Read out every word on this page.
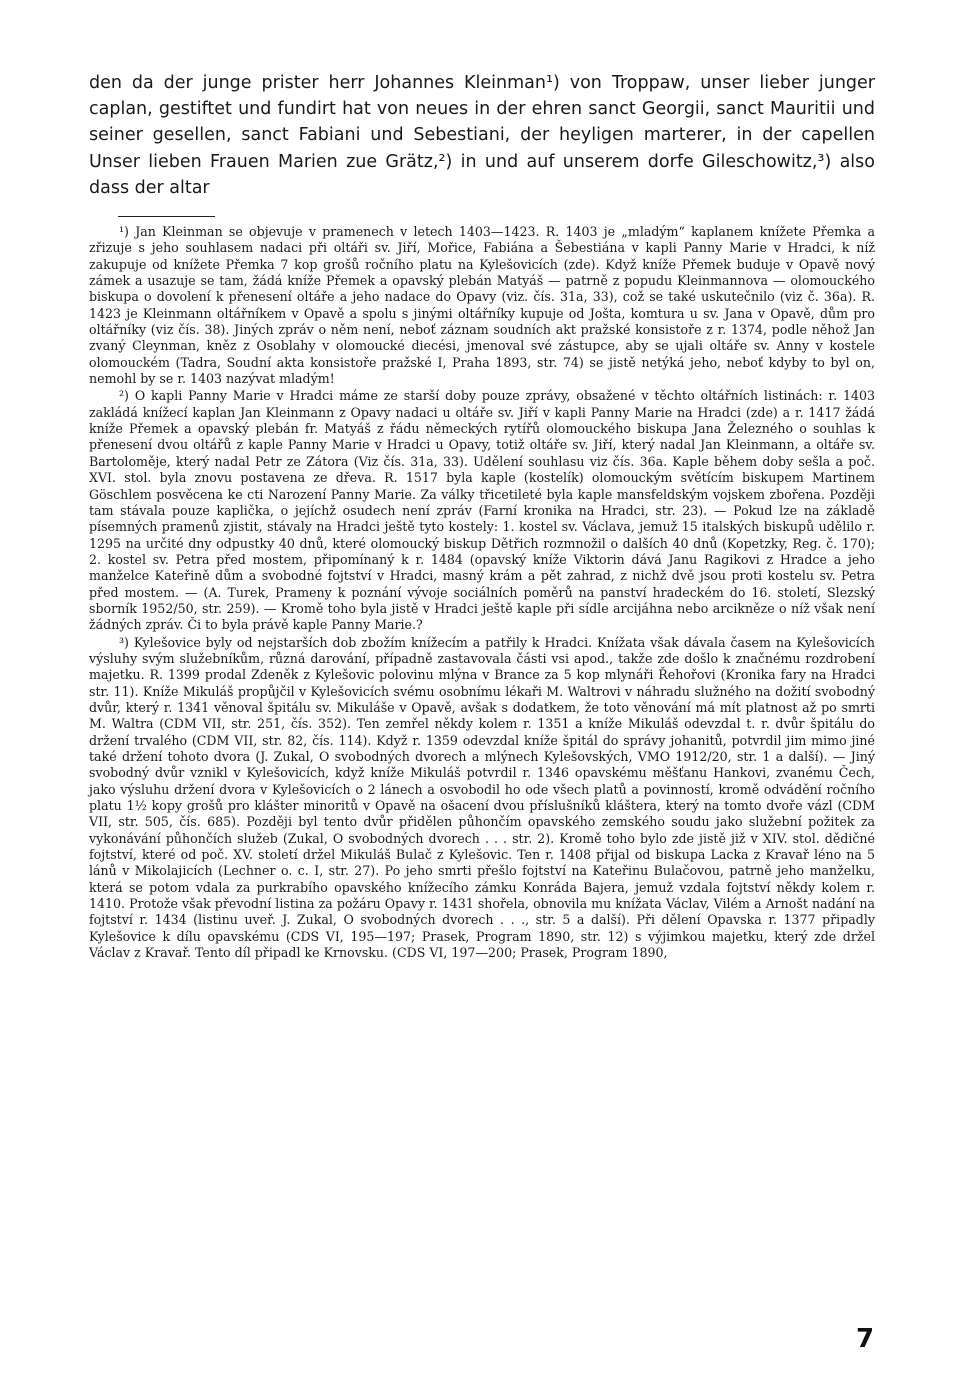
den da der junge prister herr Johannes Kleinman¹) von Troppaw, unser lieber junger caplan, gestiftet und fundirt hat von neues in der ehren sanct Georgii, sanct Mauritii und seiner gesellen, sanct Fabiani und Sebestiani, der heyligen marterer, in der capellen Unser lieben Frauen Marien zue Grätz,²) in und auf unserem dorfe Gileschowitz,³) also dass der altar

¹) Jan Kleinman se objevuje v pramenech v letech 1403—1423. R. 1403 je „mladým“ kaplanem knížete Přemka a zřizuje s jeho souhlasem nadaci při oltáři sv. Jiří, Mořice, Fabiána a Šebestiána v kapli Panny Marie v Hradci, k níž zakupuje od knížete Přemka 7 kop grošů ročního platu na Kylešovicích (zde). Když kníže Přemek buduje v Opavě nový zámek a usazuje se tam, žádá kníže Přemek a opavský plebán Matyáš — patrně z popudu Kleinmannova — olomouckého biskupa o dovolení k přenesení oltáře a jeho nadace do Opavy (viz. čís. 31a, 33), což se také uskutečnilo (viz č. 36a). R. 1423 je Kleinmann oltářníkem v Opavě a spolu s jinými oltářníky kupuje od Jošta, komtura u sv. Jana v Opavě, dům pro oltářníky (viz čís. 38). Jiných zpráv o něm není, neboť záznam soudních akt pražské konsistoře z r. 1374, podle něhož Jan zvaný Cleynman, kněz z Osoblahy v olomoucké diecési, jmenoval své zástupce, aby se ujali oltáře sv. Anny v kostele olomouckém (Tadra, Soudní akta konsistoře pražské I, Praha 1893, str. 74) se jistě netýká jeho, neboť kdyby to byl on, nemohl by se r. 1403 nazývat mladým!

²) O kapli Panny Marie v Hradci máme ze starší doby pouze zprávy, obsažené v těchto oltářních listinách: r. 1403 zakládá knížecí kaplan Jan Kleinmann z Opavy nadaci u oltáře sv. Jiří v kapli Panny Marie na Hradci (zde) a r. 1417 žádá kníže Přemek a opavský plebán fr. Matyáš z řádu německých rytířů olomouckého biskupa Jana Železného o souhlas k přenesení dvou oltářů z kaple Panny Marie v Hradci u Opavy, totiž oltáře sv. Jiří, který nadal Jan Kleinmann, a oltáře sv. Bartoloměje, který nadal Petr ze Zátora (Viz čís. 31a, 33). Udělení souhlasu viz čís. 36a. Kaple během doby sešla a poč. XVI. stol. byla znovu postavena ze dřeva. R. 1517 byla kaple (kostelík) olomouckým světícím biskupem Martinem Göschlem posvěcena ke cti Narození Panny Marie. Za války třicetileté byla kaple mansfeldským vojskem zbořena. Později tam stávala pouze kaplička, o jejíchž osudech není zpráv (Farní kronika na Hradci, str. 23). — Pokud lze na základě písemných pramenů zjistit, stávaly na Hradci ještě tyto kostely: 1. kostel sv. Václava, jemuž 15 italských biskupů udělilo r. 1295 na určité dny odpustky 40 dnů, které olomoucký biskup Dětřich rozmnožil o dalších 40 dnů (Kopetzky, Reg. č. 170); 2. kostel sv. Petra před mostem, připomínaný k r. 1484 (opavský kníže Viktorin dává Janu Ragikovi z Hradce a jeho manželce Kateřině dům a svobodné fojtství v Hradci, masný krám a pět zahrad, z nichž dvě jsou proti kostelu sv. Petra před mostem. — (A. Turek, Prameny k poznání vývoje sociálních poměrů na panství hradeckém do 16. století, Slezský sborník 1952/50, str. 259). — Kromě toho byla jistě v Hradci ještě kaple při sídle arcijáhna nebo arcikněze o níž však není žádných zpráv. Či to byla právě kaple Panny Marie.?

³) Kylešovice byly od nejstarších dob zbožím knížecím a patřily k Hradci. Knížata však dávala časem na Kylešovicích výsluhy svým služebníkům, různá darování, případně zastavovala části vsi apod., takže zde došlo k značnému rozdrobení majetku. R. 1399 prodal Zdeněk z Kylešovic polovinu mlýna v Brance za 5 kop mlynáři Řehořovi (Kronika fary na Hradci str. 11). Kníže Mikuláš propůjčil v Kylešovicích svému osobnímu lékaři M. Waltrovi v náhradu služného na dožití svobodný dvůr, který r. 1341 věnoval špitálu sv. Mikuláše v Opavě, avšak s dodatkem, že toto věnování má mít platnost až po smrti M. Waltra (CDM VII, str. 251, čís. 352). Ten zemřel někdy kolem r. 1351 a kníže Mikuláš odevzdal t. r. dvůr špitálu do držení trvalého (CDM VII, str. 82, čís. 114). Když r. 1359 odevzdal kníže špitál do správy johanitů, potvrdil jim mimo jiné také držení tohoto dvora (J. Zukal, O svobodných dvorech a mlýnech Kylešovských, VMO 1912/20, str. 1 a další). — Jiný svobodný dvůr vznikl v Kylešovicích, když kníže Mikuláš potvrdil r. 1346 opavskému měšťanu Hankovi, zvanému Čech, jako výsluhu držení dvora v Kylešovicích o 2 lánech a osvobodil ho ode všech platů a povinností, kromě odvádění ročního platu 1½ kopy grošů pro klášter minoritů v Opavě na ošacení dvou příslušníků kláštera, který na tomto dvoře vázl (CDM VII, str. 505, čís. 685). Později byl tento dvůr přidělen půhončím opavského zemského soudu jako služební požitek za vykonávání půhončích služeb (Zukal, O svobodných dvorech . . . str. 2). Kromě toho bylo zde jistě již v XIV. stol. dědičné fojtství, které od poč. XV. století držel Mikuláš Bulač z Kylešovic. Ten r. 1408 přijal od biskupa Lacka z Kravař léno na 5 lánů v Mikolajicích (Lechner o. c. I, str. 27). Po jeho smrti přešlo fojtství na Kateřinu Bulačovou, patrně jeho manželku, která se potom vdala za purkrabího opavského knížecího zámku Konráda Bajera, jemuž vzdala fojtství někdy kolem r. 1410. Protože však převodní listina za požáru Opavy r. 1431 shořela, obnovila mu knížata Václav, Vilém a Arnošt nadání na fojtství r. 1434 (listinu uveř. J. Zukal, O svobodných dvorech . . ., str. 5 a další). Při dělení Opavska r. 1377 připadly Kylešovice k dílu opavskému (CDS VI, 195—197; Prasek, Program 1890, str. 12) s výjimkou majetku, který zde držel Václav z Kravař. Tento díl připadl ke Krnovsku. (CDS VI, 197—200; Prasek, Program 1890,

7
